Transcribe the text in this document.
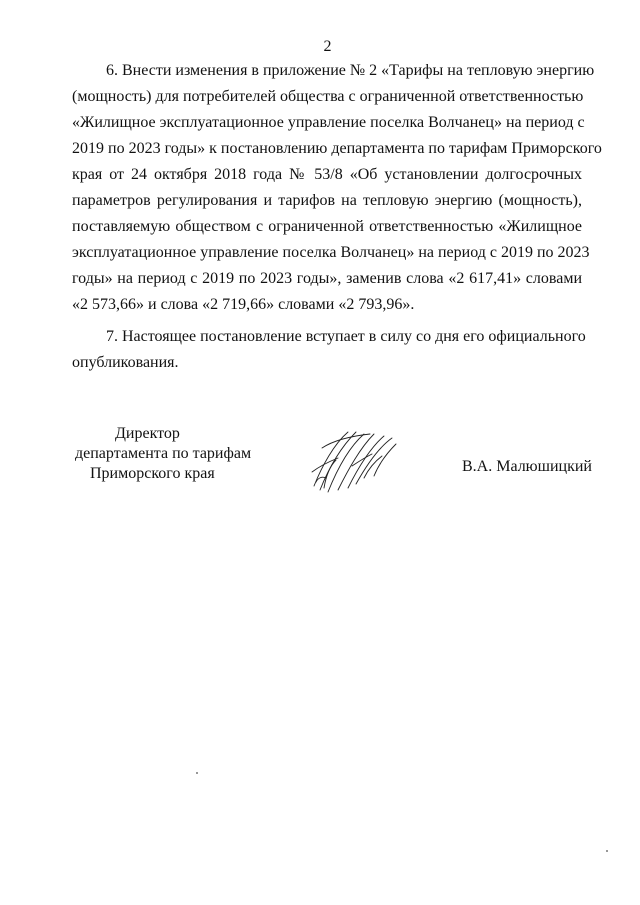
2
6. Внести изменения в приложение № 2 «Тарифы на тепловую энергию
(мощность) для потребителей общества с ограниченной ответственностью
«Жилищное эксплуатационное управление поселка Волчанец» на период с
2019 по 2023 годы» к постановлению департамента по тарифам Приморского
края от 24 октября 2018 года № 53/8 «Об установлении долгосрочных
параметров регулирования и тарифов на тепловую энергию (мощность),
поставляемую обществом с ограниченной ответственностью «Жилищное
эксплуатационное управление поселка Волчанец» на период с 2019 по 2023
годы» на период с 2019 по 2023 годы», заменив слова «2 617,41» словами
«2 573,66» и слова «2 719,66» словами «2 793,96».
7. Настоящее постановление вступает в силу со дня его официального
опубликования.
Директор
департамента по тарифам
Приморского края	В.А. Малюшицкий
